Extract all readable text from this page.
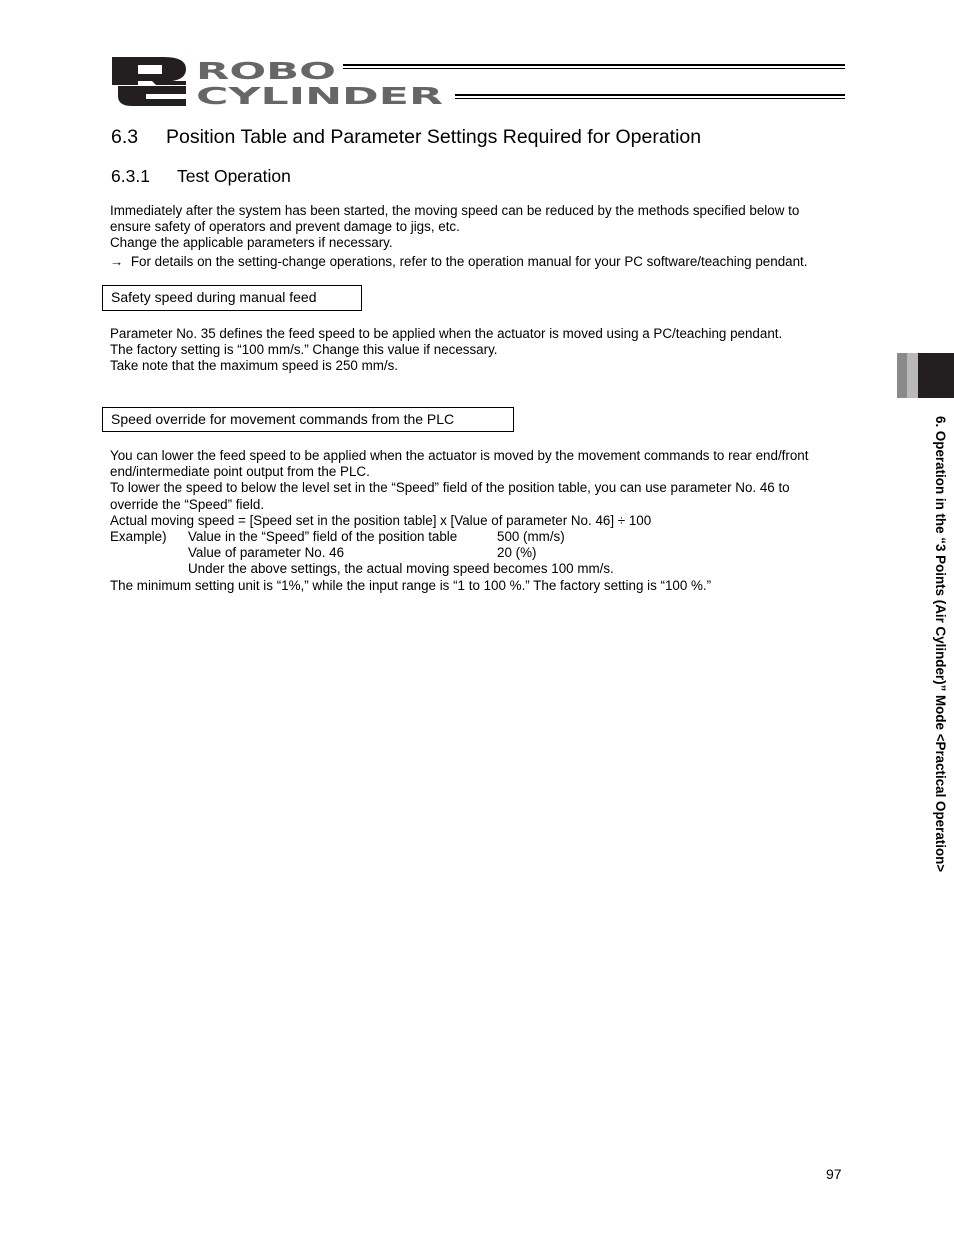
ROBO
CYLINDER
6.3 Position Table and Parameter Settings Required for Operation
6.3.1 Test Operation
Immediately after the system has been started, the moving speed can be reduced by the methods specified below to
ensure safety of operators and prevent damage to jigs, etc.
Change the applicable parameters if necessary.
→ For details on the setting-change operations, refer to the operation manual for your PC software/teaching pendant.
Safety speed during manual feed
Parameter No. 35 defines the feed speed to be applied when the actuator is moved using a PC/teaching pendant.
The factory setting is “100 mm/s.” Change this value if necessary.
Take note that the maximum speed is 250 mm/s.
Speed override for movement commands from the PLC
You can lower the feed speed to be applied when the actuator is moved by the movement commands to rear end/front
end/intermediate point output from the PLC.
To lower the speed to below the level set in the “Speed” field of the position table, you can use parameter No. 46 to
override the “Speed” field.
Actual moving speed = [Speed set in the position table] x [Value of parameter No. 46] ÷ 100
Example) Value in the “Speed” field of the position table	500 (mm/s)
Value of parameter No. 46	20 (%)
Under the above settings, the actual moving speed becomes 100 mm/s.
The minimum setting unit is “1%,” while the input range is “1 to 100 %.” The factory setting is “100 %.”	6. Operation in the “3 Points (Air Cylinder)” Mode <Practical Operation>
97
